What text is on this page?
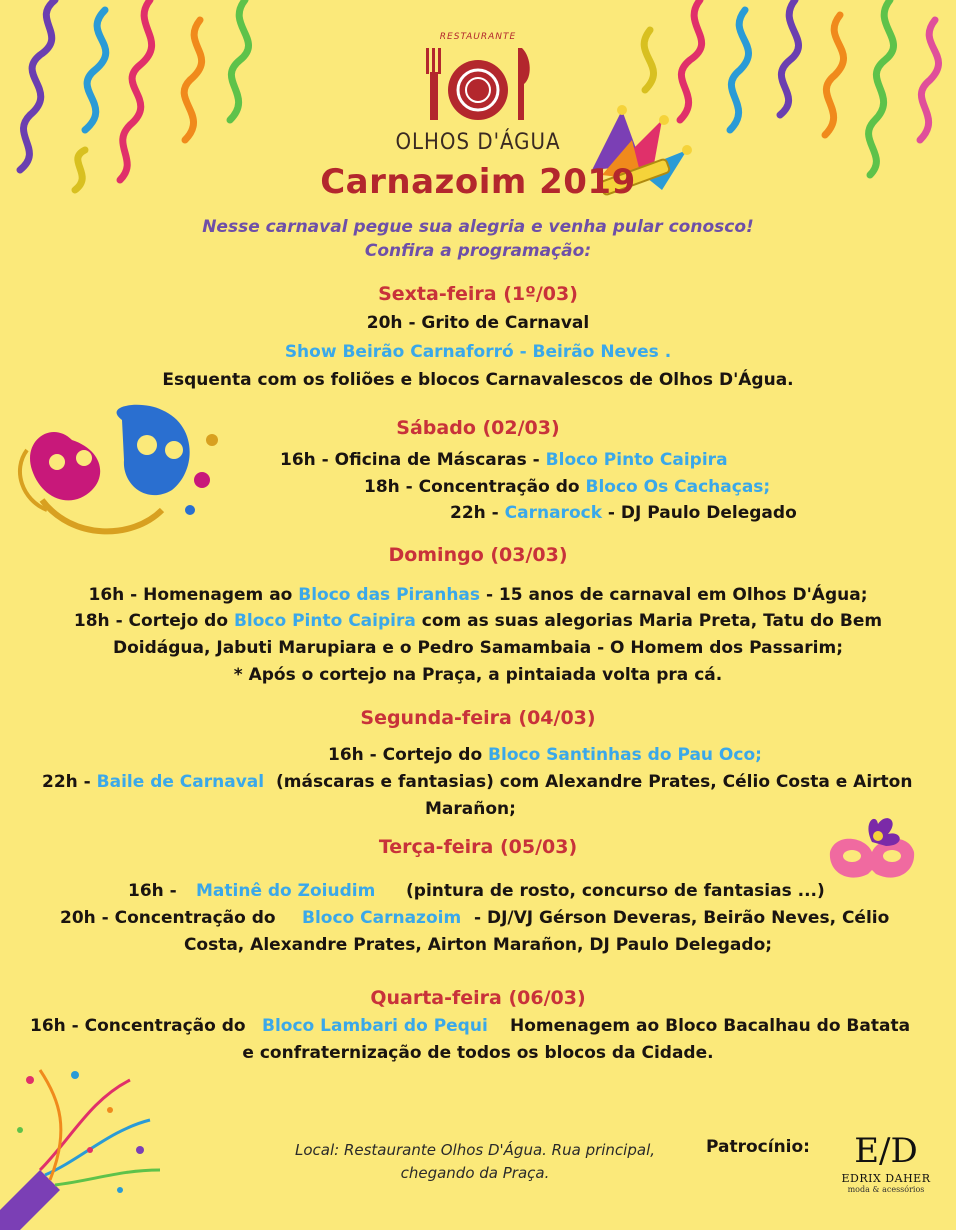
RESTAURANTE
OLHOS D'ÁGUA
Carnazoim 2019
Nesse carnaval pegue sua alegria e venha pular conosco!
Confira a programação:
Sexta-feira (1º/03)
20h - Grito de Carnaval
Show Beirão Carnaforró - Beirão Neves .
Esquenta com os foliões e blocos Carnavalescos de Olhos D'Água.
Sábado (02/03)
16h - Oficina de Máscaras - Bloco Pinto Caipira
18h - Concentração do Bloco Os Cachaças;
22h - Carnarock - DJ Paulo Delegado
Domingo (03/03)
16h - Homenagem ao Bloco das Piranhas - 15 anos de carnaval em Olhos D'Água;
18h - Cortejo do Bloco Pinto Caipira com as suas alegorias Maria Preta, Tatu do Bem
Doidágua, Jabuti Marupiara e o Pedro Samambaia - O Homem dos Passarim;
* Após o cortejo na Praça, a pintaiada volta pra cá.
Segunda-feira (04/03)
16h - Cortejo do Bloco Santinhas do Pau Oco;
22h - Baile de Carnaval (máscaras e fantasias) com Alexandre Prates, Célio Costa e Airton
Marañon;
Terça-feira (05/03)
16h - Matinê do Zoiudim (pintura de rosto, concurso de fantasias ...)
20h - Concentração do Bloco Carnazoim - DJ/VJ Gérson Deveras, Beirão Neves, Célio
Costa, Alexandre Prates, Airton Marañon, DJ Paulo Delegado;
Quarta-feira (06/03)
16h - Concentração do Bloco Lambari do Pequi Homenagem ao Bloco Bacalhau do Batata
e confraternização de todos os blocos da Cidade.
Local: Restaurante Olhos D'Água. Rua principal,
chegando da Praça.
Patrocínio:	E/D
EDRIX DAHER
moda & acessórios
